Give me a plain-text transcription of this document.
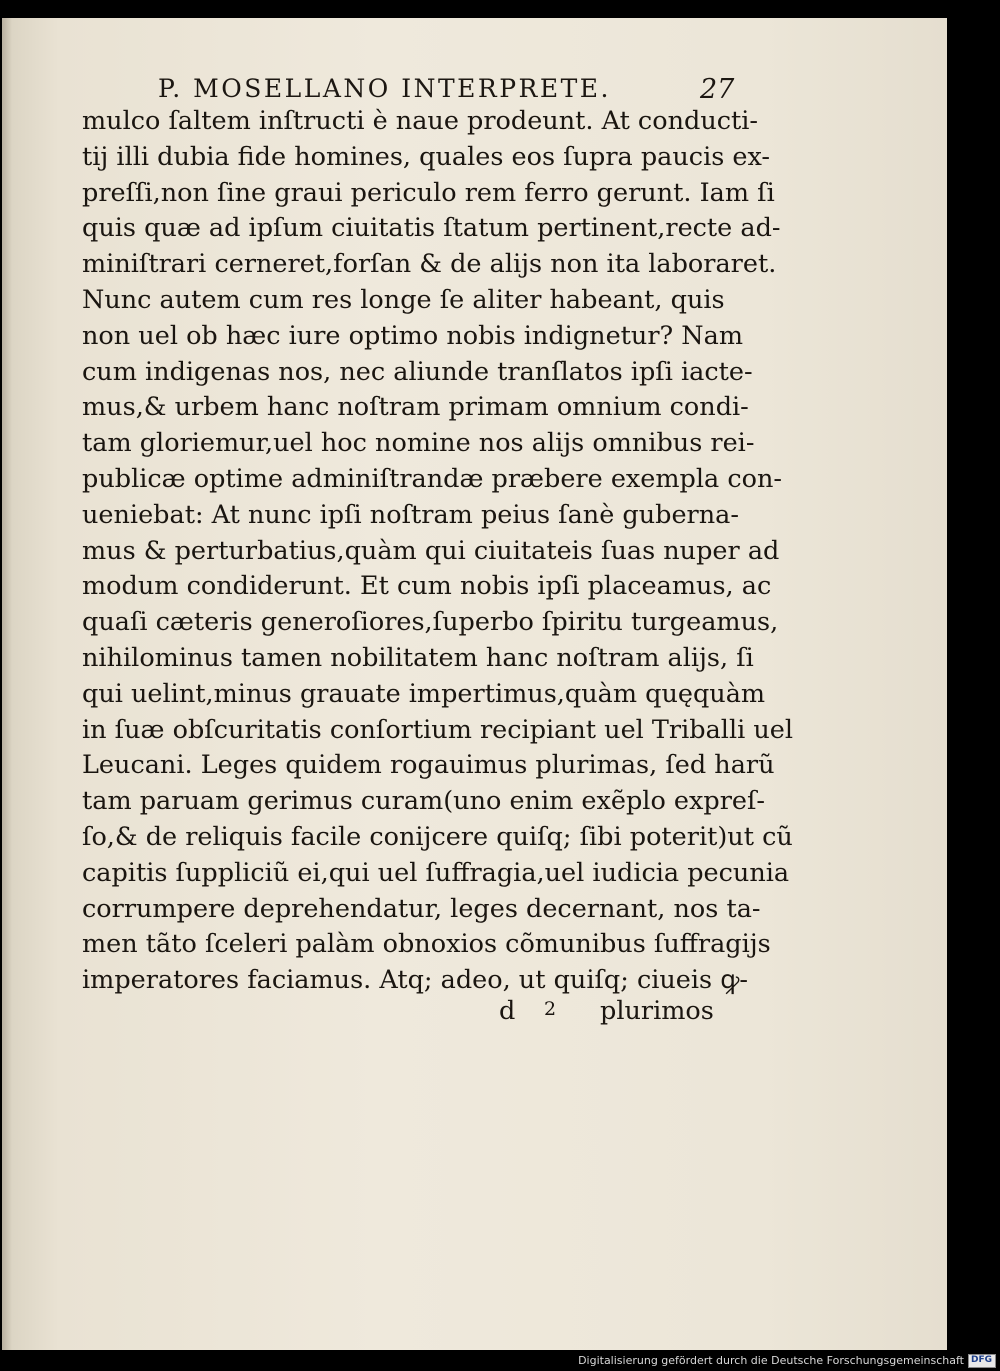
P. MOSELLANO INTERPRETE.	27
mulco ſaltem inſtructi è naue prodeunt. At conducti-
tij illi dubia fide homines, quales eos ſupra paucis ex-
preſſi,non ſine graui periculo rem ferro gerunt. Iam ſi
quis quæ ad ipſum ciuitatis ſtatum pertinent,recte ad-
miniſtrari cerneret,forſan & de alijs non ita laboraret.
Nunc autem cum res longe ſe aliter habeant, quis
non uel ob hæc iure optimo nobis indignetur? Nam
cum indigenas nos, nec aliunde tranſlatos ipſi iacte-
mus,& urbem hanc noſtram primam omnium condi-
tam gloriemur,uel hoc nomine nos alijs omnibus rei-
publicæ optime adminiſtrandæ præbere exempla con-
ueniebat: At nunc ipſi noſtram peius ſanè guberna-
mus & perturbatius,quàm qui ciuitateis ſuas nuper ad
modum condiderunt. Et cum nobis ipſi placeamus, ac
quaſi cæteris generoſiores,ſuperbo ſpiritu turgeamus,
nihilominus tamen nobilitatem hanc noſtram alijs, ſi
qui uelint,minus grauate impertimus,quàm quęquàm
in ſuæ obſcuritatis conſortium recipiant uel Triballi uel
Leucani. Leges quidem rogauimus plurimas, ſed harũ
tam paruam gerimus curam(uno enim exẽplo expreſ-
ſo,& de reliquis facile conijcere quiſq; ſibi poterit)ut cũ
capitis ſuppliciũ ei,qui uel ſuffragia,uel iudicia pecunia
corrumpere deprehendatur, leges decernant, nos ta-
men tãto ſceleri palàm obnoxios cõmunibus ſuffragijs
imperatores faciamus. Atq; adeo, ut quiſq; ciueis ꝙ-
d 2 plurimos
Digitalisierung gefördert durch die Deutsche Forschungsgemeinschaft DFG
